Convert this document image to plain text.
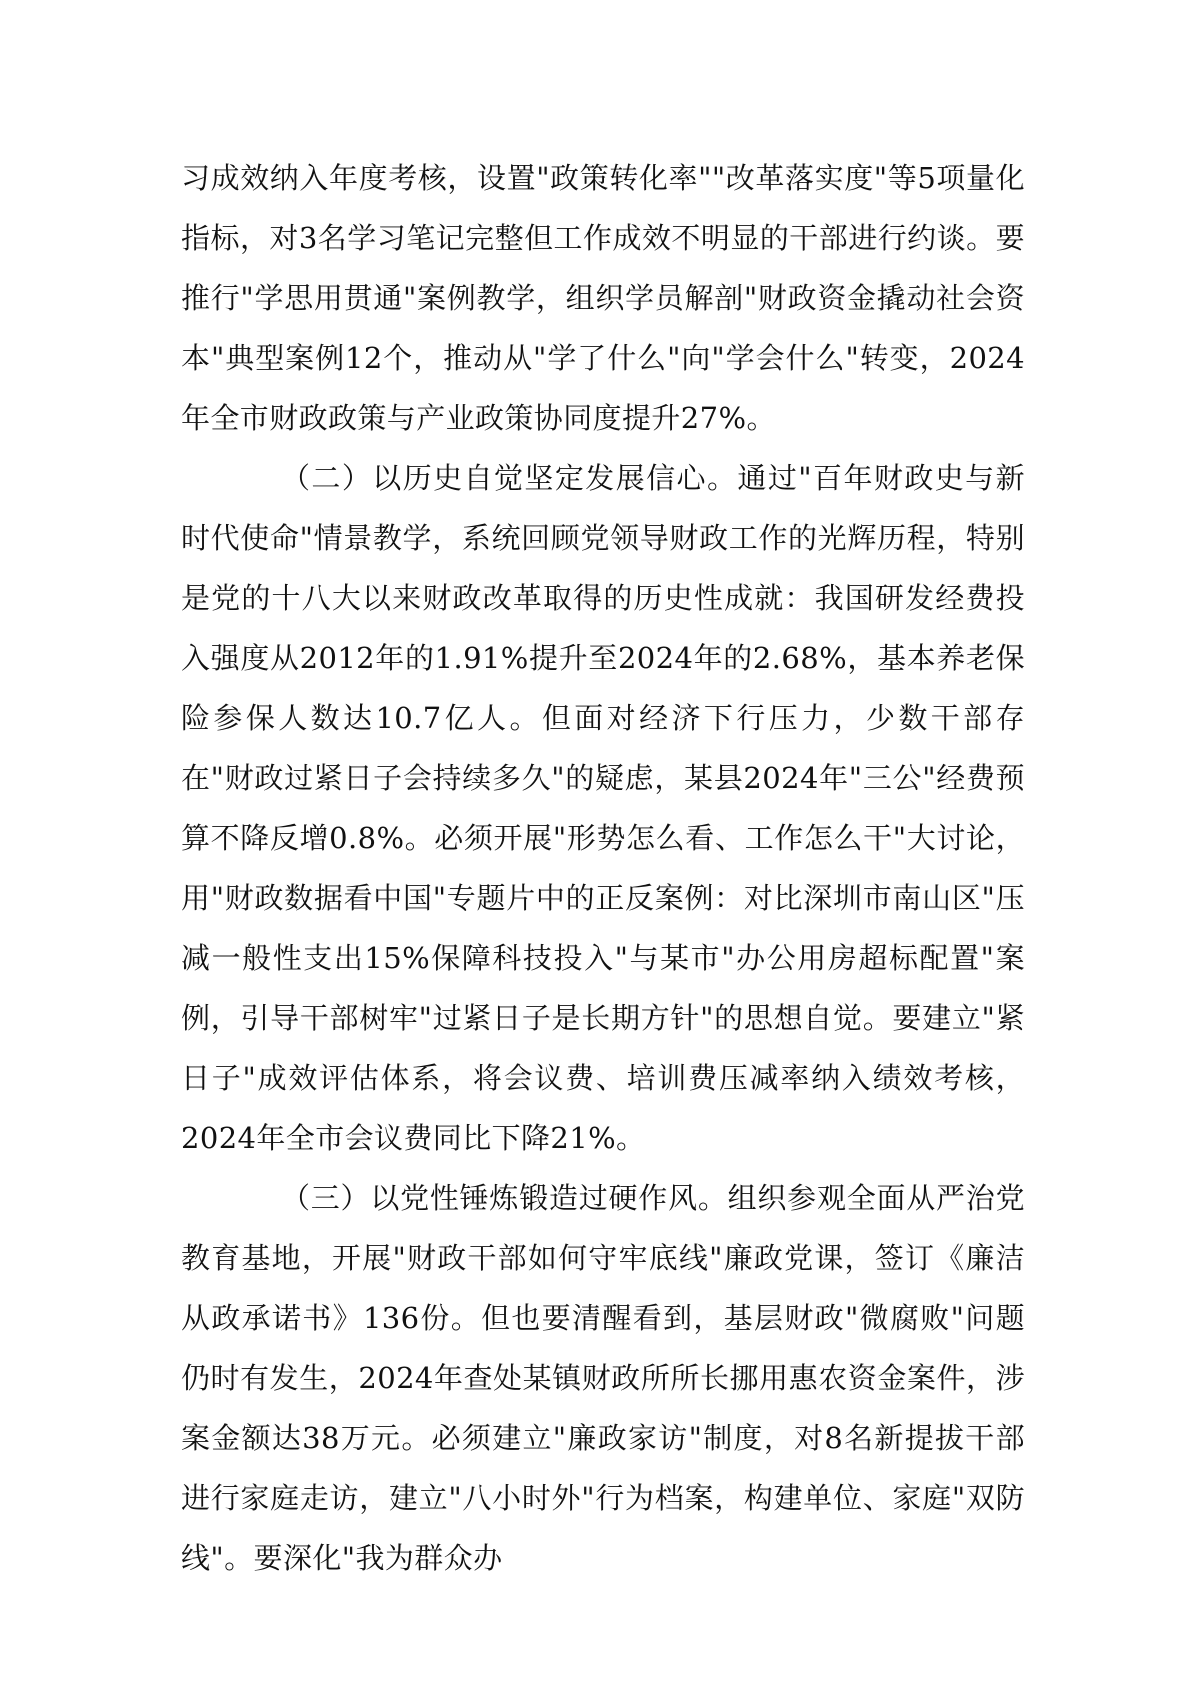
习成效纳入年度考核，设置"政策转化率""改革落实度"等5项量化指标，对3名学习笔记完整但工作成效不明显的干部进行约谈。要推行"学思用贯通"案例教学，组织学员解剖"财政资金撬动社会资本"典型案例12个，推动从"学了什么"向"学会什么"转变，2024年全市财政政策与产业政策协同度提升27%。

（二）以历史自觉坚定发展信心。通过"百年财政史与新时代使命"情景教学，系统回顾党领导财政工作的光辉历程，特别是党的十八大以来财政改革取得的历史性成就：我国研发经费投入强度从2012年的1.91%提升至2024年的2.68%，基本养老保险参保人数达10.7亿人。但面对经济下行压力，少数干部存在"财政过紧日子会持续多久"的疑虑，某县2024年"三公"经费预算不降反增0.8%。必须开展"形势怎么看、工作怎么干"大讨论，用"财政数据看中国"专题片中的正反案例：对比深圳市南山区"压减一般性支出15%保障科技投入"与某市"办公用房超标配置"案例，引导干部树牢"过紧日子是长期方针"的思想自觉。要建立"紧日子"成效评估体系，将会议费、培训费压减率纳入绩效考核，2024年全市会议费同比下降21%。

（三）以党性锤炼锻造过硬作风。组织参观全面从严治党教育基地，开展"财政干部如何守牢底线"廉政党课，签订《廉洁从政承诺书》136份。但也要清醒看到，基层财政"微腐败"问题仍时有发生，2024年查处某镇财政所所长挪用惠农资金案件，涉案金额达38万元。必须建立"廉政家访"制度，对8名新提拔干部进行家庭走访，建立"八小时外"行为档案，构建单位、家庭"双防线"。要深化"我为群众办
